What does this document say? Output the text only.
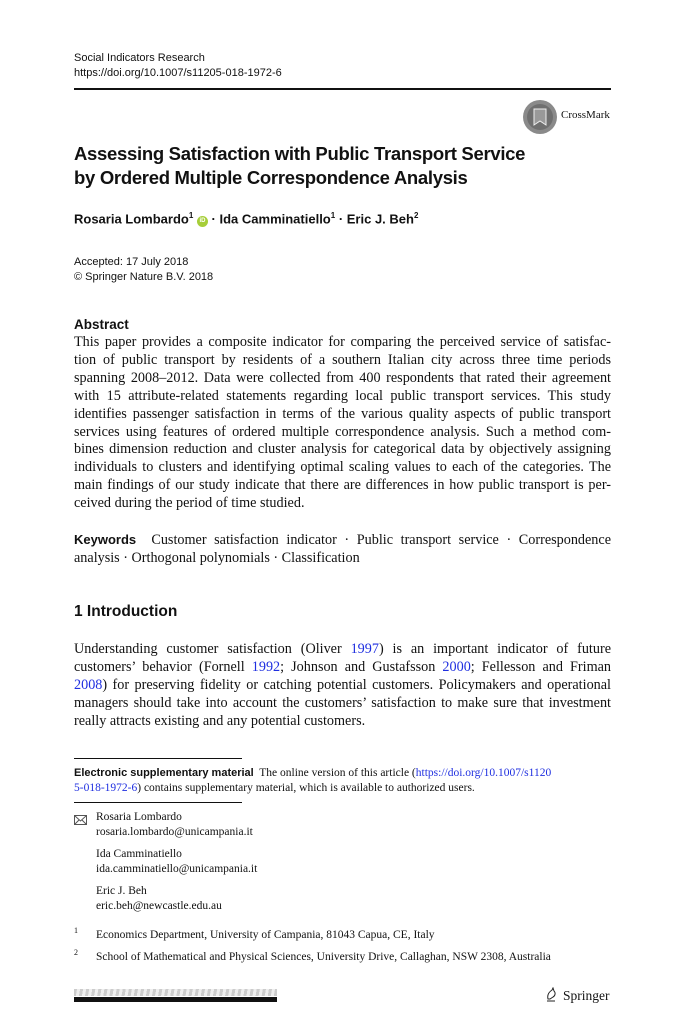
Social Indicators Research
https://doi.org/10.1007/s11205-018-1972-6
CrossMark
Assessing Satisfaction with Public Transport Service
by Ordered Multiple Correspondence Analysis
Rosaria Lombardo$^1$ iD · Ida Camminatiello$^1$ · Eric J. Beh$^2$
Accepted: 17 July 2018
© Springer Nature B.V. 2018
Abstract
This paper provides a composite indicator for comparing the perceived service of satisfac-
tion of public transport by residents of a southern Italian city across three time periods
spanning 2008–2012. Data were collected from 400 respondents that rated their agreement
with 15 attribute-related statements regarding local public transport services. This study
identifies passenger satisfaction in terms of the various quality aspects of public transport
services using features of ordered multiple correspondence analysis. Such a method com-
bines dimension reduction and cluster analysis for categorical data by objectively assigning
individuals to clusters and identifying optimal scaling values to each of the categories. The
main findings of our study indicate that there are differences in how public transport is per-
ceived during the period of time studied.
Keywords Customer satisfaction indicator · Public transport service · Correspondence
analysis · Orthogonal polynomials · Classification
1 Introduction
Understanding customer satisfaction (Oliver 1997) is an important indicator of future
customers’ behavior (Fornell 1992; Johnson and Gustafsson 2000; Fellesson and Friman
2008) for preserving fidelity or catching potential customers. Policymakers and operational
managers should take into account the customers’ satisfaction to make sure that investment
really attracts existing and any potential customers.
Electronic supplementary material The online version of this article (https://doi.org/10.1007/s1120
5-018-1972-6) contains supplementary material, which is available to authorized users.
Rosaria Lombardo
rosaria.lombardo@unicampania.it
Ida Camminatiello
ida.camminatiello@unicampania.it
Eric J. Beh
eric.beh@newcastle.edu.au
1 Economics Department, University of Campania, 81043 Capua, CE, Italy
2 School of Mathematical and Physical Sciences, University Drive, Callaghan, NSW 2308, Australia
Springer
